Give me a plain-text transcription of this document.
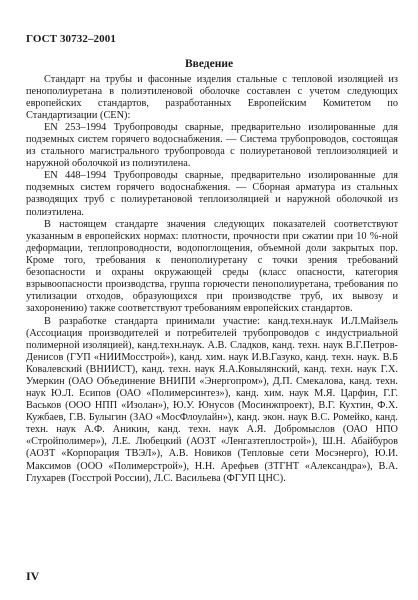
ГОСТ 30732–2001
Введение

Стандарт на трубы и фасонные изделия стальные с тепловой изоляцией из пенополиуретана в полиэтиленовой оболочке составлен с учетом следующих европейских стандартов, разработанных Европейским Комитетом по Стандартизации (CEN):

EN 253–1994 Трубопроводы сварные, предварительно изолированные для подземных систем горячего водоснабжения. — Система трубопроводов, состоящая из стального магистрального трубопровода с полиуретановой теплоизоляцией и наружной оболочкой из полиэтилена.

EN 448–1994 Трубопроводы сварные, предварительно изолированные для подземных систем горячего водоснабжения. — Сборная арматура из стальных разводящих труб с полиуретановой теплоизоляцией и наружной оболочкой из полиэтилена.

В настоящем стандарте значения следующих показателей соответствуют указанным в европейских нормах: плотности, прочности при сжатии при 10 %-ной деформации, теплопроводности, водопоглощения, объемной доли закрытых пор. Кроме того, требования к пенополиуретану с точки зрения требований безопасности и охраны окружающей среды (класс опасности, категория взрывоопасности производства, группа горючести пенополиуретана, требования по утилизации отходов, образующихся при производстве труб, их вывозу и захоронению) также соответствуют требованиям европейских стандартов.

В разработке стандарта принимали участие: канд.техн.наук И.Л.Майзель (Ассоциация производителей и потребителей трубопроводов с индустриальной полимерной изоляцией), канд.техн.наук. А.В. Сладков, канд. техн. наук В.Г.Петров-Денисов (ГУП «НИИМосстрой»), канд. хим. наук И.В.Газуко, канд. техн. наук. В.Б Ковалевский (ВНИИСТ), канд. техн. наук Я.А.Ковылянский, канд. техн. наук Г.Х. Умеркин (ОАО Объединение ВНИПИ «Энергопром»), Д.П. Смекалова, канд. техн. наук Ю.Л. Есипов (ОАО «Полимерсинтез»), канд. хим. наук М.Я. Царфин, Г.Г. Васьков (ООО НПП «Изолан»), Ю.У. Юнусов (Мосинжпроект), В.Г. Кухтин, Ф.Х. Кужбаев, Г.В. Булыгин (ЗАО «МосФлоулайн»), канд. экон. наук В.С. Ромейко, канд. техн. наук А.Ф. Аникин, канд. техн. наук А.Я. Добромыслов (ОАО НПО «Стройполимер»), Л.Е. Любецкий (АОЗТ «Ленгазтеплострой»), Ш.Н. Абайбуров (АОЗТ «Корпорация ТВЭЛ»), А.В. Новиков (Тепловые сети Мосэнерго), Ю.И. Максимов (ООО «Полимерстрой»), Н.Н. Арефьев (ЗТГНТ «Александра»), В.А. Глухарев (Госстрой России), Л.С. Васильева (ФГУП ЦНС).

IV
